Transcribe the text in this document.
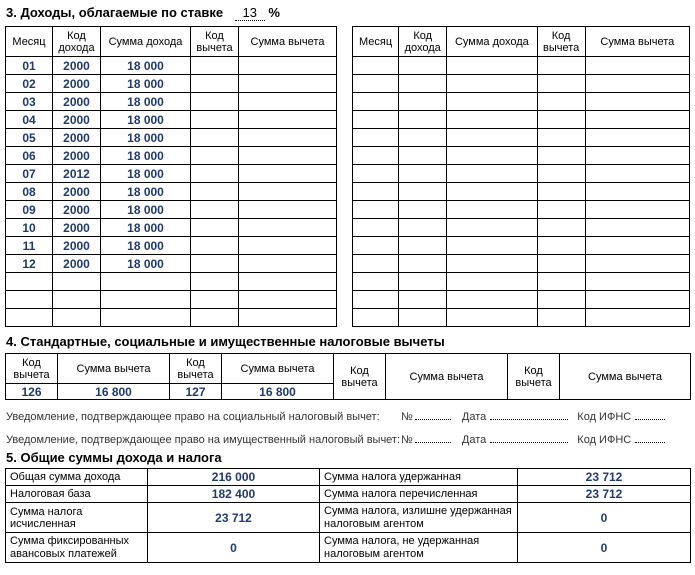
3. Доходы, облагаемые по ставке 13 %
Месяц	Код дохода	Сумма дохода	Код вычета	Сумма вычета
01	2000	18 000		
02	2000	18 000		
03	2000	18 000		
04	2000	18 000		
05	2000	18 000		
06	2000	18 000		
07	2012	18 000		
08	2000	18 000		
09	2000	18 000		
10	2000	18 000		
11	2000	18 000		
12	2000	18 000		

Месяц	Код дохода	Сумма дохода	Код вычета	Сумма вычета

4. Стандартные, социальные и имущественные налоговые вычеты
Код вычета	Сумма вычета	Код вычета	Сумма вычета	Код вычета	Сумма вычета	Код вычета	Сумма вычета
126	16 800	127	16 800				
Уведомление, подтверждающее право на социальный налоговый вычет: №	Дата	Код ИФНС
Уведомление, подтверждающее право на имущественный налоговый вычет:№	Дата	Код ИФНС
5. Общие суммы дохода и налога
Общая сумма дохода	216 000	Сумма налога удержанная	23 712
Налоговая база	182 400	Сумма налога перечисленная	23 712
Сумма налога исчисленная	23 712	Сумма налога, излишне удержанная налоговым агентом	0
Сумма фиксированных авансовых платежей	0	Сумма налога, не удержанная налоговым агентом	0
